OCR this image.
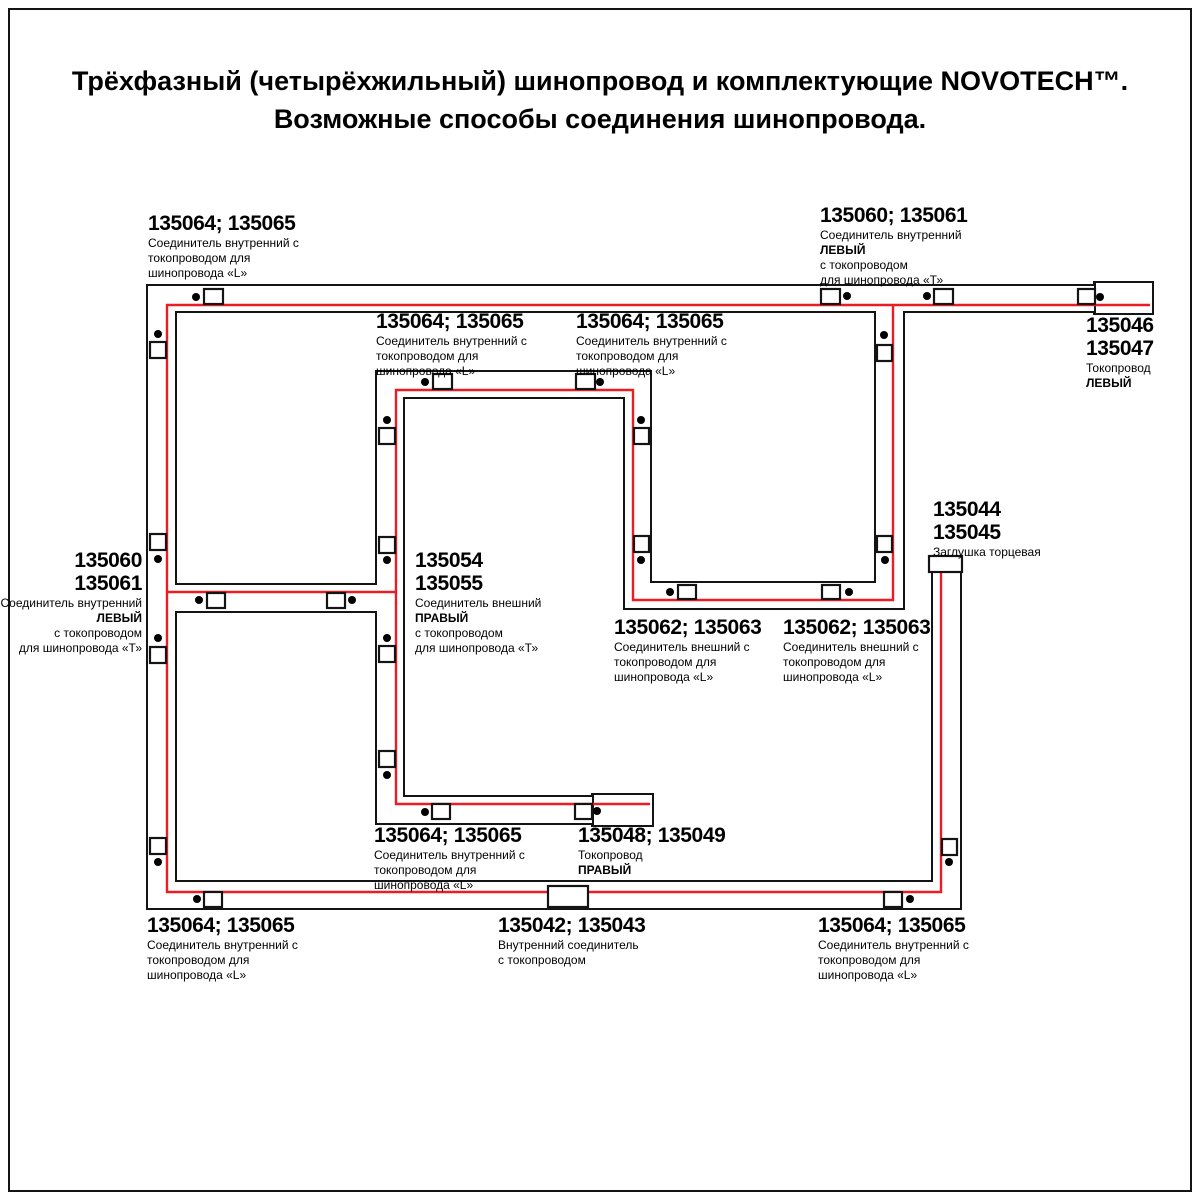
Трёхфазный (четырёхжильный) шинопровод и комплектующие NOVOTECH™.
Возможные способы соединения шинопровода.
135064; 135065
Соединитель внутренний с
токопроводом для
шинопровода «L»
135064; 135065
Соединитель внутренний с
токопроводом для
шинопровода «L»
135064; 135065
Соединитель внутренний с
токопроводом для
шинопровода «L»
135060; 135061
Соединитель внутренний
ЛЕВЫЙ
с токопроводом
для шинопровода «Т»
135046
135047
Токопровод
ЛЕВЫЙ
135060
135061
Соединитель внутренний
ЛЕВЫЙ
с токопроводом
для шинопровода «Т»
135054
135055
Соединитель внешний
ПРАВЫЙ
с токопроводом
для шинопровода «Т»
135044
135045
Заглушка торцевая
135062; 135063
Соединитель внешний с
токопроводом для
шинопровода «L»
135062; 135063
Соединитель внешний с
токопроводом для
шинопровода «L»
135064; 135065
Соединитель внутренний с
токопроводом для
шинопровода «L»
135048; 135049
Токопровод
ПРАВЫЙ
135064; 135065
Соединитель внутренний с
токопроводом для
шинопровода «L»
135042; 135043
Внутренний соединитель
с токопроводом
135064; 135065
Соединитель внутренний с
токопроводом для
шинопровода «L»
